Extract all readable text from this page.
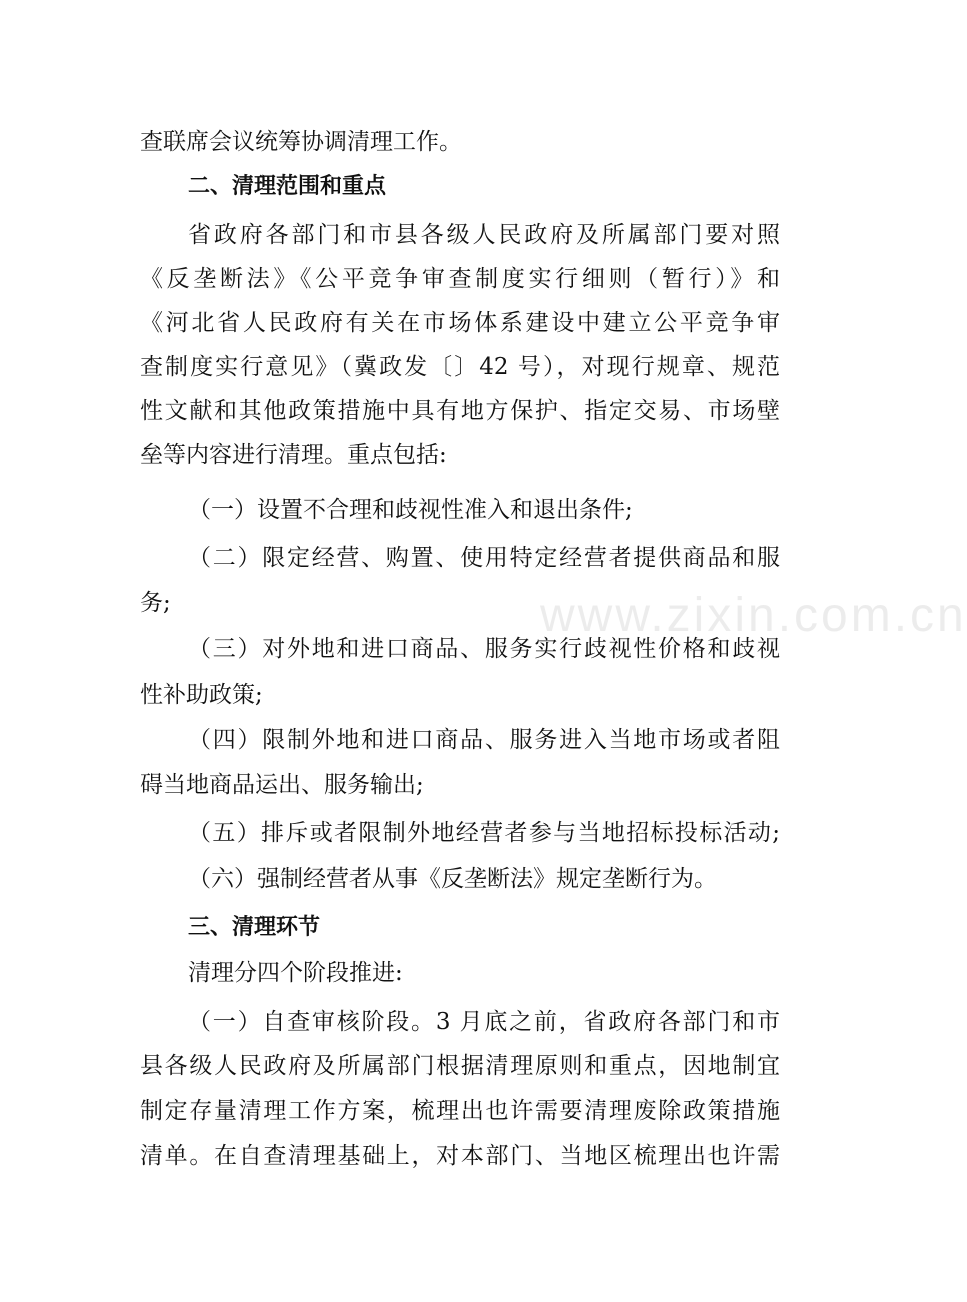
www.zixin.com.cn
查联席会议统筹协调清理工作。
二、清理范围和重点
省政府各部门和市县各级人民政府及所属部门要对照
《反垄断法》《公平竞争审查制度实行细则（暂行）》和
《河北省人民政府有关在市场体系建设中建立公平竞争审
查制度实行意见》（冀政发〔〕42 号），对现行规章、规范
性文献和其他政策措施中具有地方保护、指定交易、市场壁
垒等内容进行清理。重点包括:
（一）设置不合理和歧视性准入和退出条件;
（二）限定经营、购置、使用特定经营者提供商品和服
务;
（三）对外地和进口商品、服务实行歧视性价格和歧视
性补助政策;
（四）限制外地和进口商品、服务进入当地市场或者阻
碍当地商品运出、服务输出;
（五）排斥或者限制外地经营者参与当地招标投标活动;
（六）强制经营者从事《反垄断法》规定垄断行为。
三、清理环节
清理分四个阶段推进:
（一）自查审核阶段。3 月底之前，省政府各部门和市
县各级人民政府及所属部门根据清理原则和重点，因地制宜
制定存量清理工作方案，梳理出也许需要清理废除政策措施
清单。在自查清理基础上，对本部门、当地区梳理出也许需
